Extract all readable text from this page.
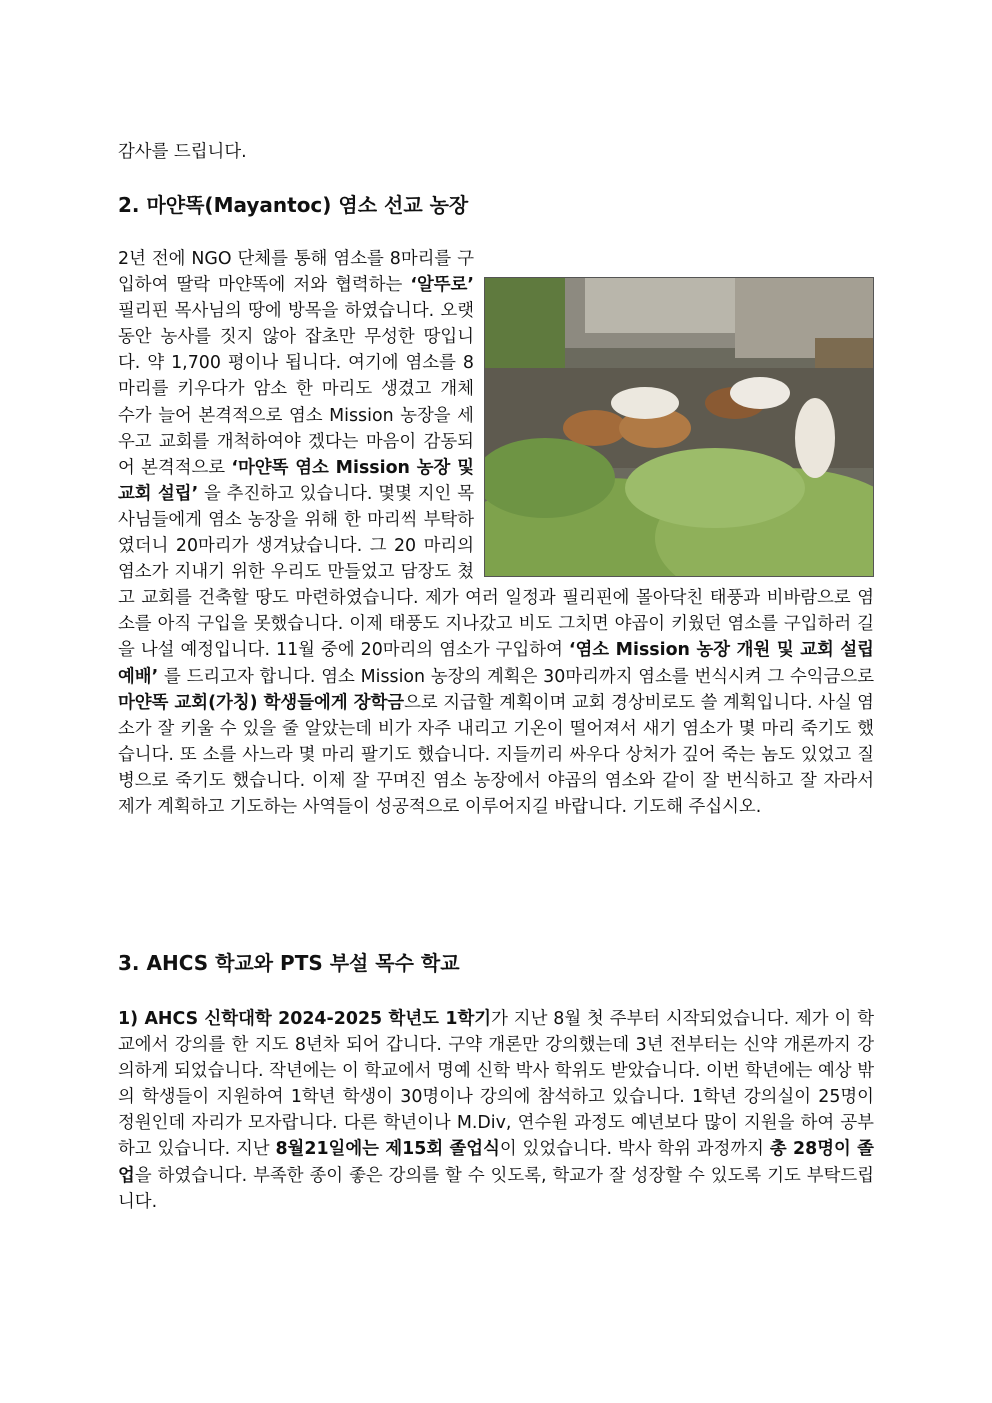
감사를 드립니다.

2. 마얀똑(Mayantoc) 염소 선교 농장

2년 전에 NGO 단체를 통해 염소를 8마리를 구입하여 딸락 마얀똑에 저와 협력하는 ‘알뚜로’ 필리핀 목사님의 땅에 방목을 하였습니다. 오랫 동안 농사를 짓지 않아 잡초만 무성한 땅입니다. 약 1,700 평이나 됩니다. 여기에 염소를 8마리를 키우다가 암소 한 마리도 생겼고 개체 수가 늘어 본격적으로 염소 Mission 농장을 세우고 교회를 개척하여야 겠다는 마음이 감동되어 본격적으로 ‘마얀똑 염소 Mission 농장 및 교회 설립’ 을 추진하고 있습니다. 몇몇 지인 목사님들에게 염소 농장을 위해 한 마리씩 부탁하였더니 20마리가 생겨났습니다. 그 20 마리의 염소가 지내기 위한 우리도 만들었고 담장도 쳤고 교회를 건축할 땅도 마련하였습니다. 제가 여러 일정과 필리핀에 몰아닥친 태풍과 비바람으로 염소를 아직 구입을 못했습니다. 이제 태풍도 지나갔고 비도 그치면 야곱이 키웠던 염소를 구입하러 길을 나설 예정입니다. 11월 중에 20마리의 염소가 구입하여 ‘염소 Mission 농장 개원 및 교회 설립 예배’ 를 드리고자 합니다. 염소 Mission 농장의 계획은 30마리까지 염소를 번식시켜 그 수익금으로 마얀똑 교회(가칭) 학생들에게 장학금으로 지급할 계획이며 교회 경상비로도 쓸 계획입니다. 사실 염소가 잘 키울 수 있을 줄 알았는데 비가 자주 내리고 기온이 떨어져서 새기 염소가 몇 마리 죽기도 했습니다. 또 소를 사느라 몇 마리 팔기도 했습니다. 지들끼리 싸우다 상처가 깊어 죽는 놈도 있었고 질병으로 죽기도 했습니다. 이제 잘 꾸며진 염소 농장에서 야곱의 염소와 같이 잘 번식하고 잘 자라서 제가 계획하고 기도하는 사역들이 성공적으로 이루어지길 바랍니다. 기도해 주십시오.

3. AHCS 학교와 PTS 부설 목수 학교

1) AHCS 신학대학 2024-2025 학년도 1학기가 지난 8월 첫 주부터 시작되었습니다. 제가 이 학교에서 강의를 한 지도 8년차 되어 갑니다. 구약 개론만 강의했는데 3년 전부터는 신약 개론까지 강의하게 되었습니다. 작년에는 이 학교에서 명예 신학 박사 학위도 받았습니다. 이번 학년에는 예상 밖의 학생들이 지원하여 1학년 학생이 30명이나 강의에 참석하고 있습니다. 1학년 강의실이 25명이 정원인데 자리가 모자랍니다. 다른 학년이나 M.Div, 연수원 과정도 예년보다 많이 지원을 하여 공부하고 있습니다. 지난 8월21일에는 제15회 졸업식이 있었습니다. 박사 학위 과정까지 총 28명이 졸업을 하였습니다. 부족한 종이 좋은 강의를 할 수 잇도록, 학교가 잘 성장할 수 있도록 기도 부탁드립니다.
